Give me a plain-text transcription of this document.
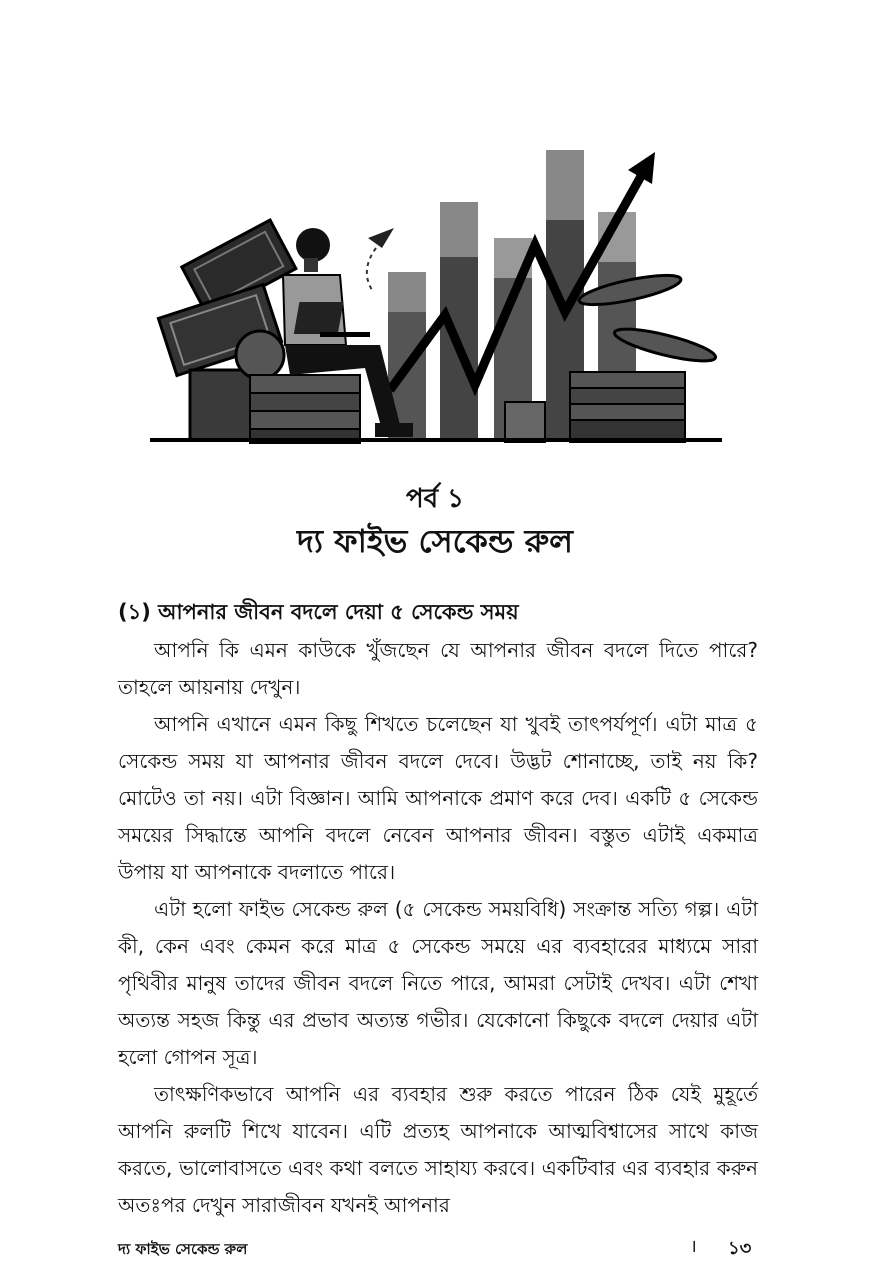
পর্ব ১
দ্য ফাইভ সেকেন্ড রুল
(১) আপনার জীবন বদলে দেয়া ৫ সেকেন্ড সময়

আপনি কি এমন কাউকে খুঁজছেন যে আপনার জীবন বদলে দিতে পারে? তাহলে আয়নায় দেখুন।

আপনি এখানে এমন কিছু শিখতে চলেছেন যা খুবই তাৎপর্যপূর্ণ। এটা মাত্র ৫ সেকেন্ড সময় যা আপনার জীবন বদলে দেবে। উদ্ভট শোনাচ্ছে, তাই নয় কি? মোটেও তা নয়। এটা বিজ্ঞান। আমি আপনাকে প্রমাণ করে দেব। একটি ৫ সেকেন্ড সময়ের সিদ্ধান্তে আপনি বদলে নেবেন আপনার জীবন। বস্তুত এটাই একমাত্র উপায় যা আপনাকে বদলাতে পারে।

এটা হলো ফাইভ সেকেন্ড রুল (৫ সেকেন্ড সময়বিধি) সংক্রান্ত সত্যি গল্প। এটা কী, কেন এবং কেমন করে মাত্র ৫ সেকেন্ড সময়ে এর ব্যবহারের মাধ্যমে সারা পৃথিবীর মানুষ তাদের জীবন বদলে নিতে পারে, আমরা সেটাই দেখব। এটা শেখা অত্যন্ত সহজ কিন্তু এর প্রভাব অত্যন্ত গভীর। যেকোনো কিছুকে বদলে দেয়ার এটা হলো গোপন সূত্র।

তাৎক্ষণিকভাবে আপনি এর ব্যবহার শুরু করতে পারেন ঠিক যেই মুহূর্তে আপনি রুলটি শিখে যাবেন। এটি প্রত্যহ আপনাকে আত্মবিশ্বাসের সাথে কাজ করতে, ভালোবাসতে এবং কথা বলতে সাহায্য করবে। একটিবার এর ব্যবহার করুন অতঃপর দেখুন সারাজীবন যখনই আপনার

দ্য ফাইভ সেকেন্ড রুল	। ১৩
